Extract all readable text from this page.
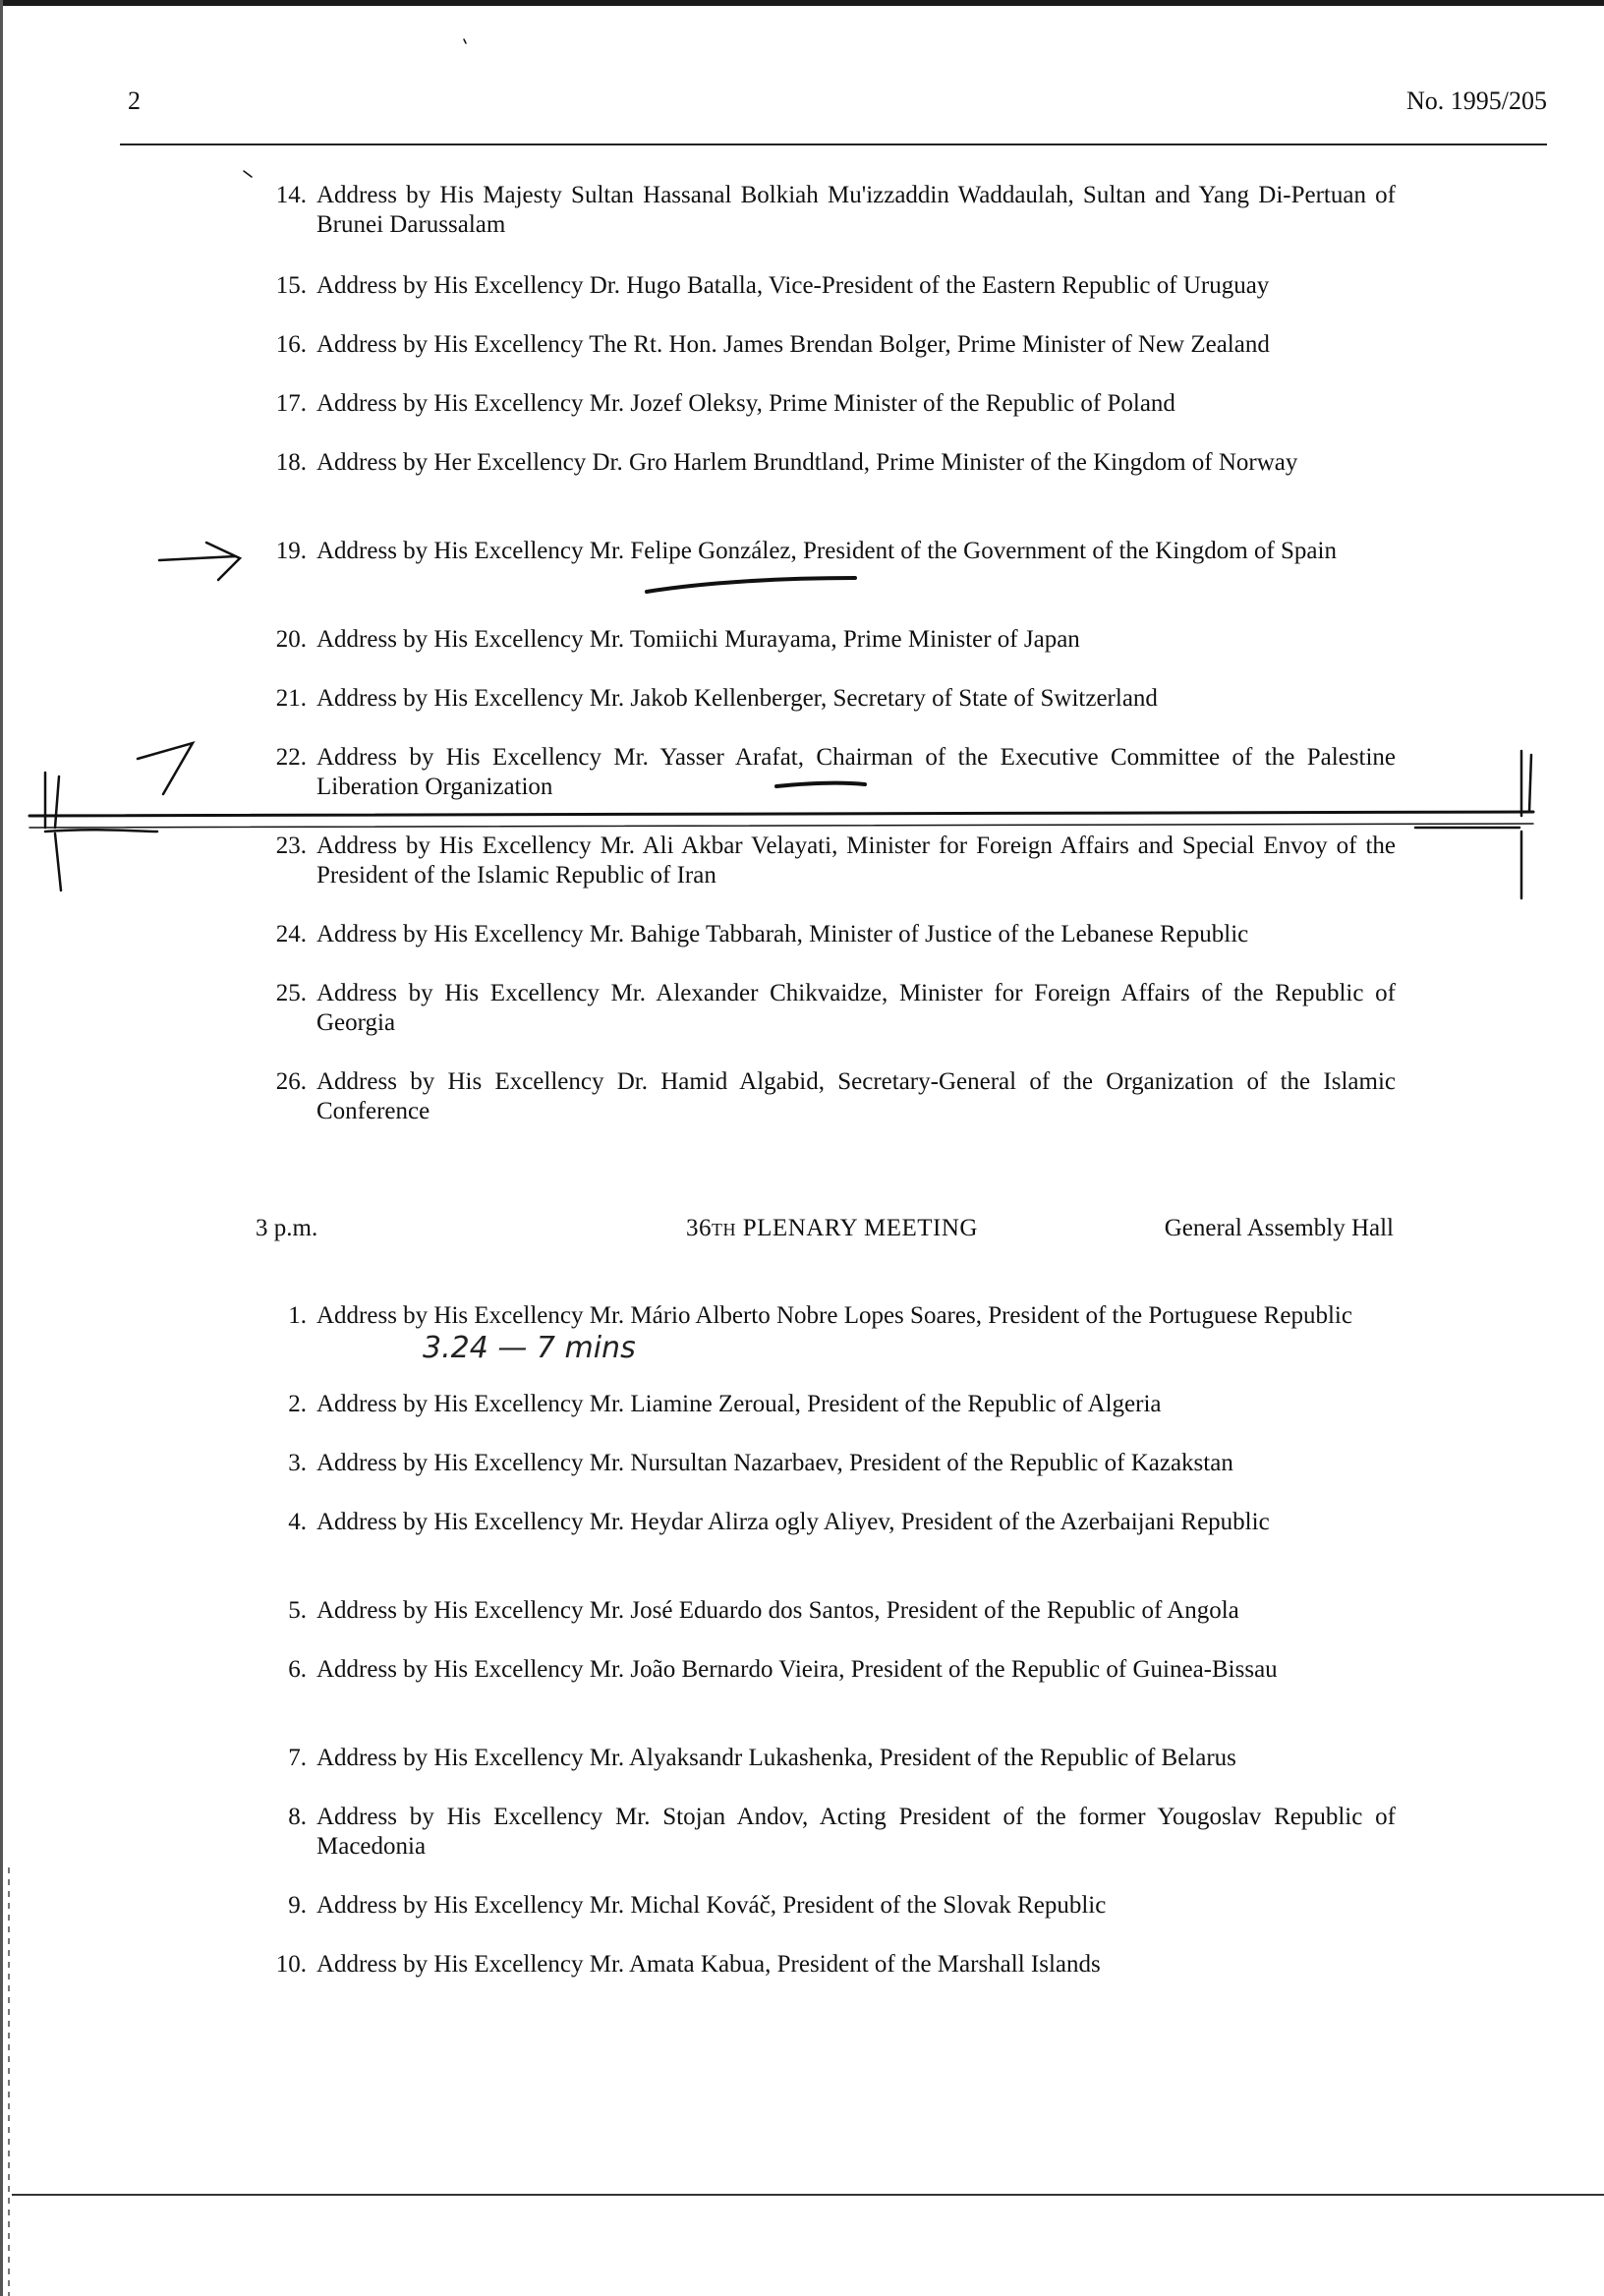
2	No. 1995/205
14. Address by His Majesty Sultan Hassanal Bolkiah Mu'izzaddin Waddaulah, Sultan and Yang Di-Pertuan of Brunei Darussalam
15. Address by His Excellency Dr. Hugo Batalla, Vice-President of the Eastern Republic of Uruguay
16. Address by His Excellency The Rt. Hon. James Brendan Bolger, Prime Minister of New Zealand
17. Address by His Excellency Mr. Jozef Oleksy, Prime Minister of the Republic of Poland
18. Address by Her Excellency Dr. Gro Harlem Brundtland, Prime Minister of the Kingdom of Norway
19. Address by His Excellency Mr. Felipe González, President of the Government of the Kingdom of Spain
20. Address by His Excellency Mr. Tomiichi Murayama, Prime Minister of Japan
21. Address by His Excellency Mr. Jakob Kellenberger, Secretary of State of Switzerland
22. Address by His Excellency Mr. Yasser Arafat, Chairman of the Executive Committee of the Palestine Liberation Organization
23. Address by His Excellency Mr. Ali Akbar Velayati, Minister for Foreign Affairs and Special Envoy of the President of the Islamic Republic of Iran
24. Address by His Excellency Mr. Bahige Tabbarah, Minister of Justice of the Lebanese Republic
25. Address by His Excellency Mr. Alexander Chikvaidze, Minister for Foreign Affairs of the Republic of Georgia
26. Address by His Excellency Dr. Hamid Algabid, Secretary-General of the Organization of the Islamic Conference
3 p.m.	36th PLENARY MEETING	General Assembly Hall
1. Address by His Excellency Mr. Mário Alberto Nobre Lopes Soares, President of the Portuguese Republic
2. Address by His Excellency Mr. Liamine Zeroual, President of the Republic of Algeria
3. Address by His Excellency Mr. Nursultan Nazarbaev, President of the Republic of Kazakstan
4. Address by His Excellency Mr. Heydar Alirza ogly Aliyev, President of the Azerbaijani Republic
5. Address by His Excellency Mr. José Eduardo dos Santos, President of the Republic of Angola
6. Address by His Excellency Mr. João Bernardo Vieira, President of the Republic of Guinea-Bissau
7. Address by His Excellency Mr. Alyaksandr Lukashenka, President of the Republic of Belarus
8. Address by His Excellency Mr. Stojan Andov, Acting President of the former Yougoslav Republic of Macedonia
9. Address by His Excellency Mr. Michal Kováč, President of the Slovak Republic
10. Address by His Excellency Mr. Amata Kabua, President of the Marshall Islands
3.24 — 7 mins
